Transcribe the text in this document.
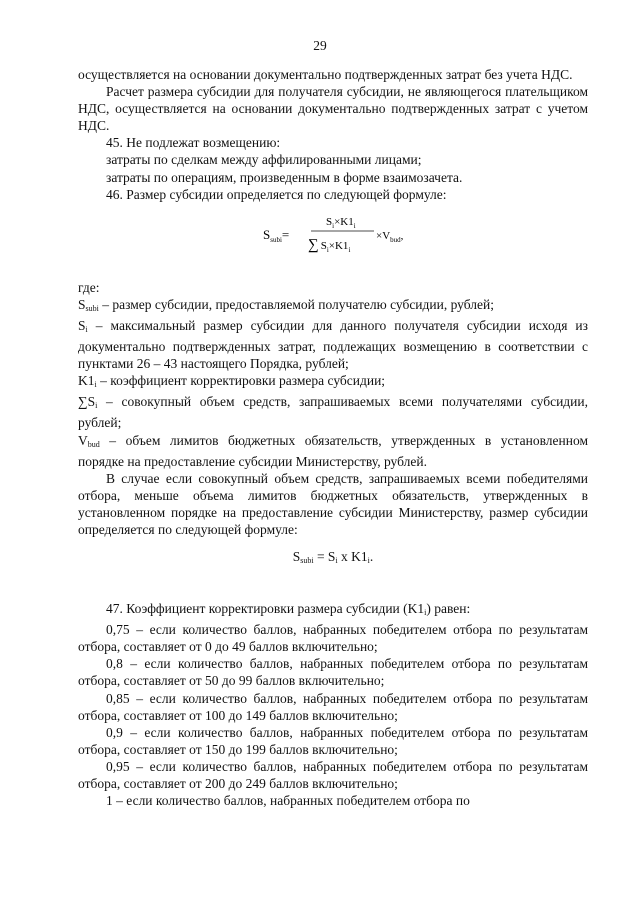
29

осуществляется на основании документально подтвержденных затрат без учета НДС.

Расчет размера субсидии для получателя субсидии, не являющегося плательщиком НДС, осуществляется на основании документально подтвержденных затрат с учетом НДС.

45. Не подлежат возмещению:

затраты по сделкам между аффилированными лицами;

затраты по операциям, произведенным в форме взаимозачета.

46. Размер субсидии определяется по следующей формуле:

$S_{subi}=$
$S_i\times K1_i$
∑ $S_i\times K1_i$
$\times V_{bud}$,

где:

$S_{subi}$ – размер субсидии, предоставляемой получателю субсидии, рублей;

$S_i$ – максимальный размер субсидии для данного получателя субсидии исходя из документально подтвержденных затрат, подлежащих возмещению в соответствии с пунктами 26 – 43 настоящего Порядка, рублей;

$K1_i$ – коэффициент корректировки размера субсидии;

$\sum S_i$ – совокупный объем средств, запрашиваемых всеми получателями субсидии, рублей;

$V_{bud}$ – объем лимитов бюджетных обязательств, утвержденных в установленном порядке на предоставление субсидии Министерству, рублей.

В случае если совокупный объем средств, запрашиваемых всеми победителями отбора, меньше объема лимитов бюджетных обязательств, утвержденных в установленном порядке на предоставление субсидии Министерству, размер субсидии определяется по следующей формуле:

$S_{subi} = S_i$ x $K1_i$.

47. Коэффициент корректировки размера субсидии $(K1_i)$ равен:

0,75 – если количество баллов, набранных победителем отбора по результатам отбора, составляет от 0 до 49 баллов включительно;

0,8 – если количество баллов, набранных победителем отбора по результатам отбора, составляет от 50 до 99 баллов включительно;

0,85 – если количество баллов, набранных победителем отбора по результатам отбора, составляет от 100 до 149 баллов включительно;

0,9 – если количество баллов, набранных победителем отбора по результатам отбора, составляет от 150 до 199 баллов включительно;

0,95 – если количество баллов, набранных победителем отбора по результатам отбора, составляет от 200 до 249 баллов включительно;

1 – если количество баллов, набранных победителем отбора по
